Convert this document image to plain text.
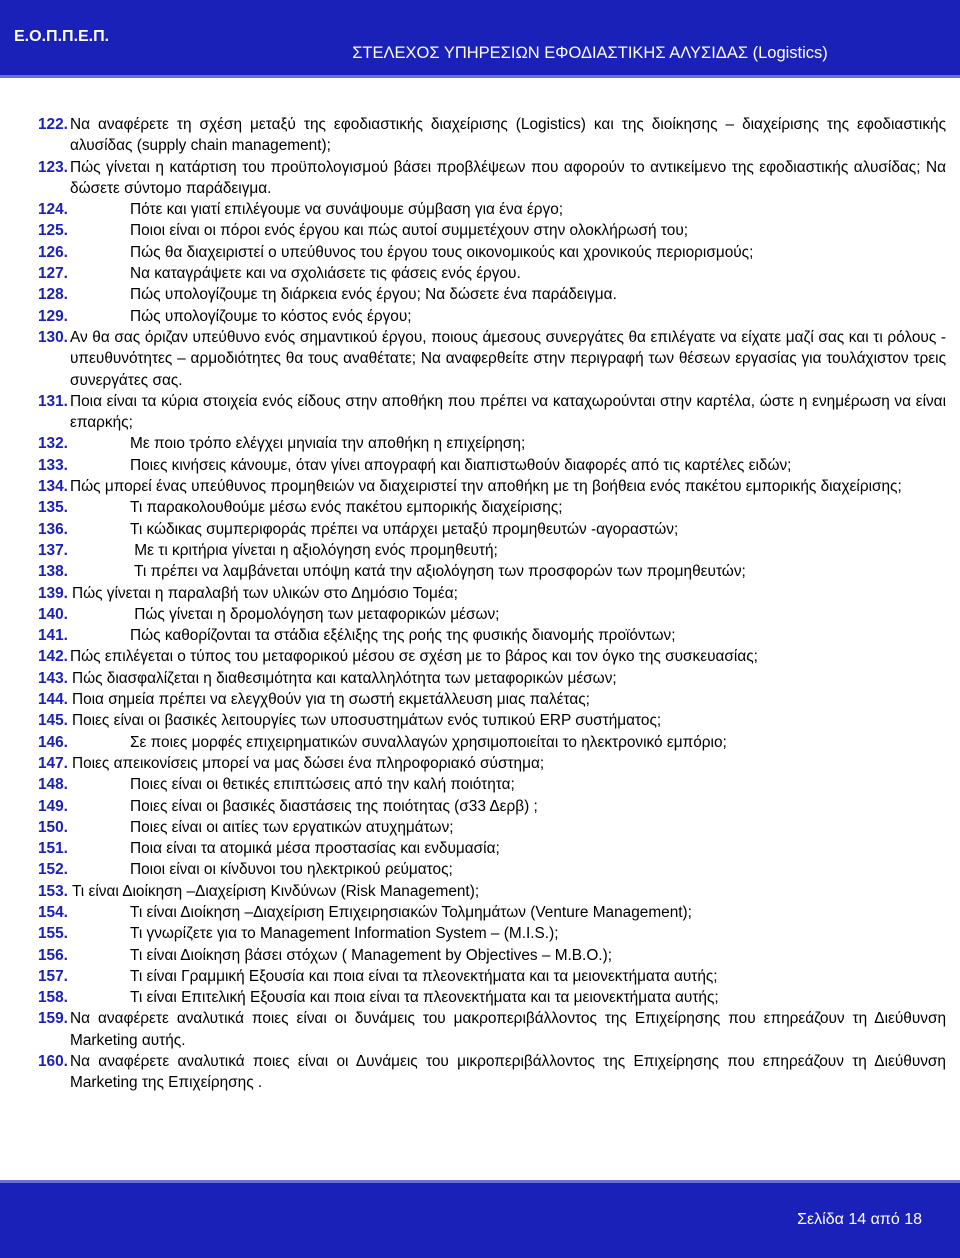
Ε.Ο.Π.Π.Ε.Π.
ΣΤΕΛΕΧΟΣ ΥΠΗΡΕΣΙΩΝ ΕΦΟΔΙΑΣΤΙΚΗΣ ΑΛΥΣΙΔΑΣ (Logistics)
122. Να αναφέρετε τη σχέση μεταξύ της εφοδιαστικής διαχείρισης (Logistics) και της διοίκησης – διαχείρισης της εφοδιαστικής αλυσίδας (supply chain management);
123. Πώς γίνεται η κατάρτιση του προϋπολογισμού βάσει προβλέψεων που αφορούν το αντικείμενο της εφοδιαστικής αλυσίδας; Να δώσετε σύντομο παράδειγμα.
124.	Πότε και γιατί επιλέγουμε να συνάψουμε σύμβαση για ένα έργο;
125.	Ποιοι είναι οι πόροι ενός έργου και πώς αυτοί συμμετέχουν στην ολοκλήρωσή του;
126.	Πώς θα διαχειριστεί ο υπεύθυνος του έργου τους οικονομικούς και χρονικούς περιορισμούς;
127.	Να καταγράψετε και να σχολιάσετε τις φάσεις ενός έργου.
128.	Πώς υπολογίζουμε τη διάρκεια ενός έργου; Να δώσετε ένα παράδειγμα.
129.	Πώς υπολογίζουμε το κόστος ενός έργου;
130. Αν θα σας όριζαν υπεύθυνο ενός σημαντικού έργου, ποιους άμεσους συνεργάτες θα επιλέγατε να είχατε μαζί σας και τι ρόλους - υπευθυνότητες – αρμοδιότητες θα τους αναθέτατε; Να αναφερθείτε στην περιγραφή των θέσεων εργασίας για τουλάχιστον τρεις συνεργάτες σας.
131. Ποια είναι τα κύρια στοιχεία ενός είδους στην αποθήκη που πρέπει να καταχωρούνται στην καρτέλα, ώστε η ενημέρωση να είναι επαρκής;
132.	Με ποιο τρόπο ελέγχει μηνιαία την αποθήκη η επιχείρηση;
133.	Ποιες κινήσεις κάνουμε, όταν γίνει απογραφή και διαπιστωθούν διαφορές από τις καρτέλες ειδών;
134. Πώς μπορεί ένας υπεύθυνος προμηθειών να διαχειριστεί την αποθήκη με τη βοήθεια ενός πακέτου εμπορικής διαχείρισης;
135.	Τι παρακολουθούμε μέσω ενός πακέτου εμπορικής διαχείρισης;
136.	Τι κώδικας συμπεριφοράς πρέπει να υπάρχει μεταξύ προμηθευτών -αγοραστών;
137.	Με τι κριτήρια γίνεται η αξιολόγηση ενός προμηθευτή;
138.	Τι πρέπει να λαμβάνεται υπόψη κατά την αξιολόγηση των προσφορών των προμηθευτών;
139. Πώς γίνεται η παραλαβή των υλικών στο Δημόσιο Τομέα;
140.	Πώς γίνεται η δρομολόγηση των μεταφορικών μέσων;
141.	Πώς καθορίζονται τα στάδια εξέλιξης της ροής της φυσικής διανομής προϊόντων;
142. Πώς επιλέγεται ο τύπος του μεταφορικού μέσου σε σχέση με το βάρος και τον όγκο της συσκευασίας;
143. Πώς διασφαλίζεται η διαθεσιμότητα και καταλληλότητα των μεταφορικών μέσων;
144. Ποια σημεία πρέπει να ελεγχθούν για τη σωστή εκμετάλλευση μιας παλέτας;
145. Ποιες είναι οι βασικές λειτουργίες των υποσυστημάτων ενός τυπικού ERP συστήματος;
146.	Σε ποιες μορφές επιχειρηματικών συναλλαγών χρησιμοποιείται το ηλεκτρονικό εμπόριο;
147. Ποιες απεικονίσεις μπορεί να μας δώσει ένα πληροφοριακό σύστημα;
148.	Ποιες είναι οι θετικές επιπτώσεις από την καλή ποιότητα;
149.	Ποιες είναι οι βασικές διαστάσεις της ποιότητας (σ33 Δερβ) ;
150.	Ποιες είναι οι αιτίες των εργατικών ατυχημάτων;
151.	Ποια είναι τα ατομικά μέσα προστασίας και ενδυμασία;
152.	Ποιοι είναι οι κίνδυνοι του ηλεκτρικού ρεύματος;
153. Τι είναι Διοίκηση –Διαχείριση Κινδύνων (Risk Management);
154.	Τι είναι Διοίκηση –Διαχείριση Επιχειρησιακών Τολμημάτων (Venture Management);
155.	Τι γνωρίζετε για το Management Information System – (M.I.S.);
156.	Τι είναι Διοίκηση βάσει στόχων ( Management by Objectives – M.B.O.);
157.	Τι είναι Γραμμική Εξουσία και ποια είναι τα πλεονεκτήματα και τα μειονεκτήματα αυτής;
158.	Τι είναι Επιτελική Εξουσία και ποια είναι τα πλεονεκτήματα και τα μειονεκτήματα αυτής;
159. Να αναφέρετε αναλυτικά ποιες είναι οι δυνάμεις του μακροπεριβάλλοντος της Επιχείρησης που επηρεάζουν τη Διεύθυνση Marketing αυτής.
160. Να αναφέρετε αναλυτικά ποιες είναι οι Δυνάμεις του μικροπεριβάλλοντος της Επιχείρησης που επηρεάζουν τη Διεύθυνση Marketing της Επιχείρησης .
Σελίδα 14 από 18
